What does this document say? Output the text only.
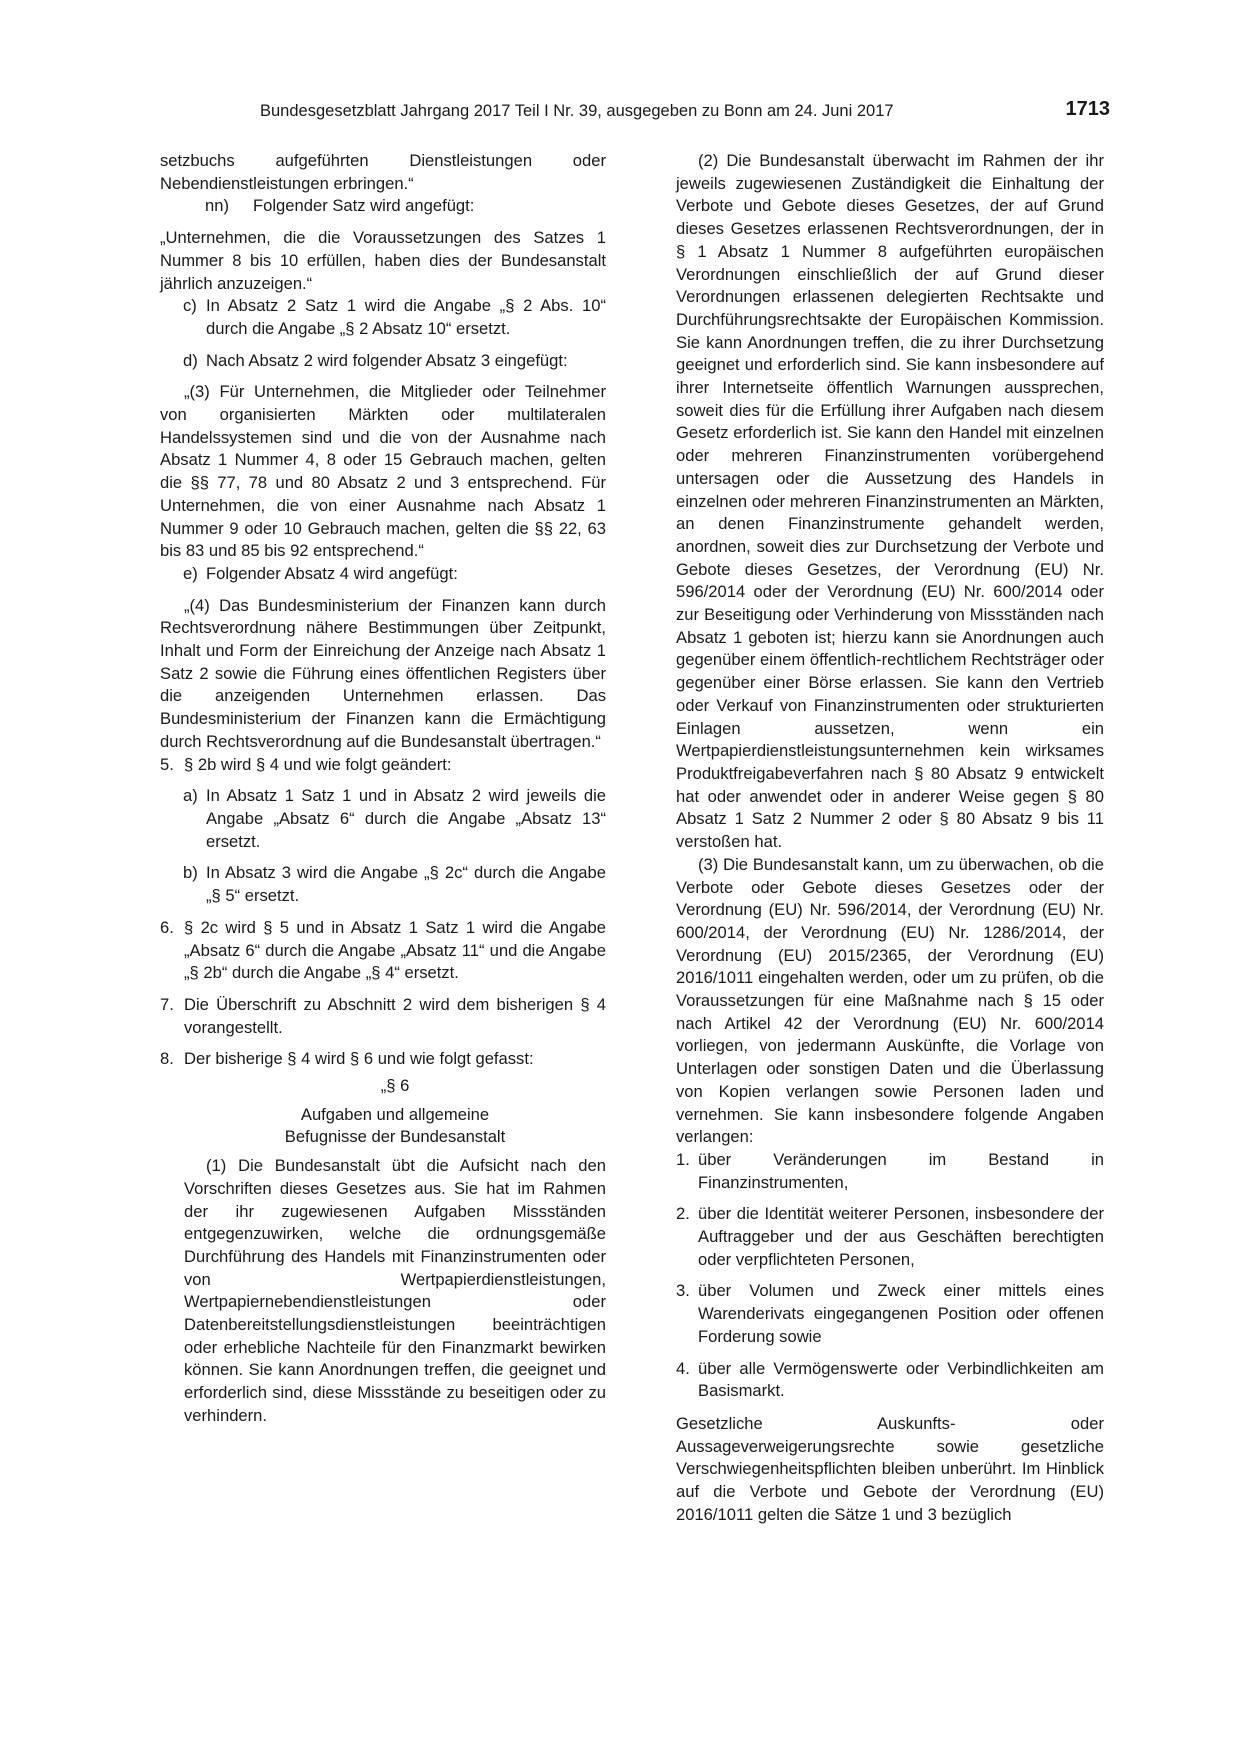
Bundesgesetzblatt Jahrgang 2017 Teil I Nr. 39, ausgegeben zu Bonn am 24. Juni 2017	1713

setzbuchs aufgeführten Dienstleistungen oder Nebendienstleistungen erbringen.“

nn)	Folgender Satz wird angefügt:

„Unternehmen, die die Voraussetzungen des Satzes 1 Nummer 8 bis 10 erfüllen, haben dies der Bundesanstalt jährlich anzuzeigen.“

c) In Absatz 2 Satz 1 wird die Angabe „§ 2 Abs. 10“ durch die Angabe „§ 2 Absatz 10“ ersetzt.
d) Nach Absatz 2 wird folgender Absatz 3 eingefügt:

„(3) Für Unternehmen, die Mitglieder oder Teilnehmer von organisierten Märkten oder multilateralen Handelssystemen sind und die von der Ausnahme nach Absatz 1 Nummer 4, 8 oder 15 Gebrauch machen, gelten die §§ 77, 78 und 80 Absatz 2 und 3 entsprechend. Für Unternehmen, die von einer Ausnahme nach Absatz 1 Nummer 9 oder 10 Gebrauch machen, gelten die §§ 22, 63 bis 83 und 85 bis 92 entsprechend.“

e) Folgender Absatz 4 wird angefügt:

„(4) Das Bundesministerium der Finanzen kann durch Rechtsverordnung nähere Bestimmungen über Zeitpunkt, Inhalt und Form der Einreichung der Anzeige nach Absatz 1 Satz 2 sowie die Führung eines öffentlichen Registers über die anzeigenden Unternehmen erlassen. Das Bundesministerium der Finanzen kann die Ermächtigung durch Rechtsverordnung auf die Bundesanstalt übertragen.“

5. § 2b wird § 4 und wie folgt geändert:
a) In Absatz 1 Satz 1 und in Absatz 2 wird jeweils die Angabe „Absatz 6“ durch die Angabe „Absatz 13“ ersetzt.
b) In Absatz 3 wird die Angabe „§ 2c“ durch die Angabe „§ 5“ ersetzt.
6. § 2c wird § 5 und in Absatz 1 Satz 1 wird die Angabe „Absatz 6“ durch die Angabe „Absatz 11“ und die Angabe „§ 2b“ durch die Angabe „§ 4“ ersetzt.
7. Die Überschrift zu Abschnitt 2 wird dem bisherigen § 4 vorangestellt.
8. Der bisherige § 4 wird § 6 und wie folgt gefasst:

„§ 6

Aufgaben und allgemeine

Befugnisse der Bundesanstalt

(1) Die Bundesanstalt übt die Aufsicht nach den Vorschriften dieses Gesetzes aus. Sie hat im Rahmen der ihr zugewiesenen Aufgaben Missständen entgegenzuwirken, welche die ordnungsgemäße Durchführung des Handels mit Finanzinstrumenten oder von Wertpapierdienstleistungen, Wertpapiernebendienstleistungen oder Datenbereitstellungsdienstleistungen beeinträchtigen oder erhebliche Nachteile für den Finanzmarkt bewirken können. Sie kann Anordnungen treffen, die geeignet und erforderlich sind, diese Missstände zu beseitigen oder zu verhindern.

(2) Die Bundesanstalt überwacht im Rahmen der ihr jeweils zugewiesenen Zuständigkeit die Einhaltung der Verbote und Gebote dieses Gesetzes, der auf Grund dieses Gesetzes erlassenen Rechtsverordnungen, der in § 1 Absatz 1 Nummer 8 aufgeführten europäischen Verordnungen einschließlich der auf Grund dieser Verordnungen erlassenen delegierten Rechtsakte und Durchführungsrechtsakte der Europäischen Kommission. Sie kann Anordnungen treffen, die zu ihrer Durchsetzung geeignet und erforderlich sind. Sie kann insbesondere auf ihrer Internetseite öffentlich Warnungen aussprechen, soweit dies für die Erfüllung ihrer Aufgaben nach diesem Gesetz erforderlich ist. Sie kann den Handel mit einzelnen oder mehreren Finanzinstrumenten vorübergehend untersagen oder die Aussetzung des Handels in einzelnen oder mehreren Finanzinstrumenten an Märkten, an denen Finanzinstrumente gehandelt werden, anordnen, soweit dies zur Durchsetzung der Verbote und Gebote dieses Gesetzes, der Verordnung (EU) Nr. 596/2014 oder der Verordnung (EU) Nr. 600/2014 oder zur Beseitigung oder Verhinderung von Missständen nach Absatz 1 geboten ist; hierzu kann sie Anordnungen auch gegenüber einem öffentlich-rechtlichem Rechtsträger oder gegenüber einer Börse erlassen. Sie kann den Vertrieb oder Verkauf von Finanzinstrumenten oder strukturierten Einlagen aussetzen, wenn ein Wertpapierdienstleistungsunternehmen kein wirksames Produktfreigabeverfahren nach § 80 Absatz 9 entwickelt hat oder anwendet oder in anderer Weise gegen § 80 Absatz 1 Satz 2 Nummer 2 oder § 80 Absatz 9 bis 11 verstoßen hat.

(3) Die Bundesanstalt kann, um zu überwachen, ob die Verbote oder Gebote dieses Gesetzes oder der Verordnung (EU) Nr. 596/2014, der Verordnung (EU) Nr. 600/2014, der Verordnung (EU) Nr. 1286/2014, der Verordnung (EU) 2015/2365, der Verordnung (EU) 2016/1011 eingehalten werden, oder um zu prüfen, ob die Voraussetzungen für eine Maßnahme nach § 15 oder nach Artikel 42 der Verordnung (EU) Nr. 600/2014 vorliegen, von jedermann Auskünfte, die Vorlage von Unterlagen oder sonstigen Daten und die Überlassung von Kopien verlangen sowie Personen laden und vernehmen. Sie kann insbesondere folgende Angaben verlangen:

1. über Veränderungen im Bestand in Finanzinstrumenten,
2. über die Identität weiterer Personen, insbesondere der Auftraggeber und der aus Geschäften berechtigten oder verpflichteten Personen,
3. über Volumen und Zweck einer mittels eines Warenderivats eingegangenen Position oder offenen Forderung sowie
4. über alle Vermögenswerte oder Verbindlichkeiten am Basismarkt.

Gesetzliche Auskunfts- oder Aussageverweigerungsrechte sowie gesetzliche Verschwiegenheitspflichten bleiben unberührt. Im Hinblick auf die Verbote und Gebote der Verordnung (EU) 2016/1011 gelten die Sätze 1 und 3 bezüglich
